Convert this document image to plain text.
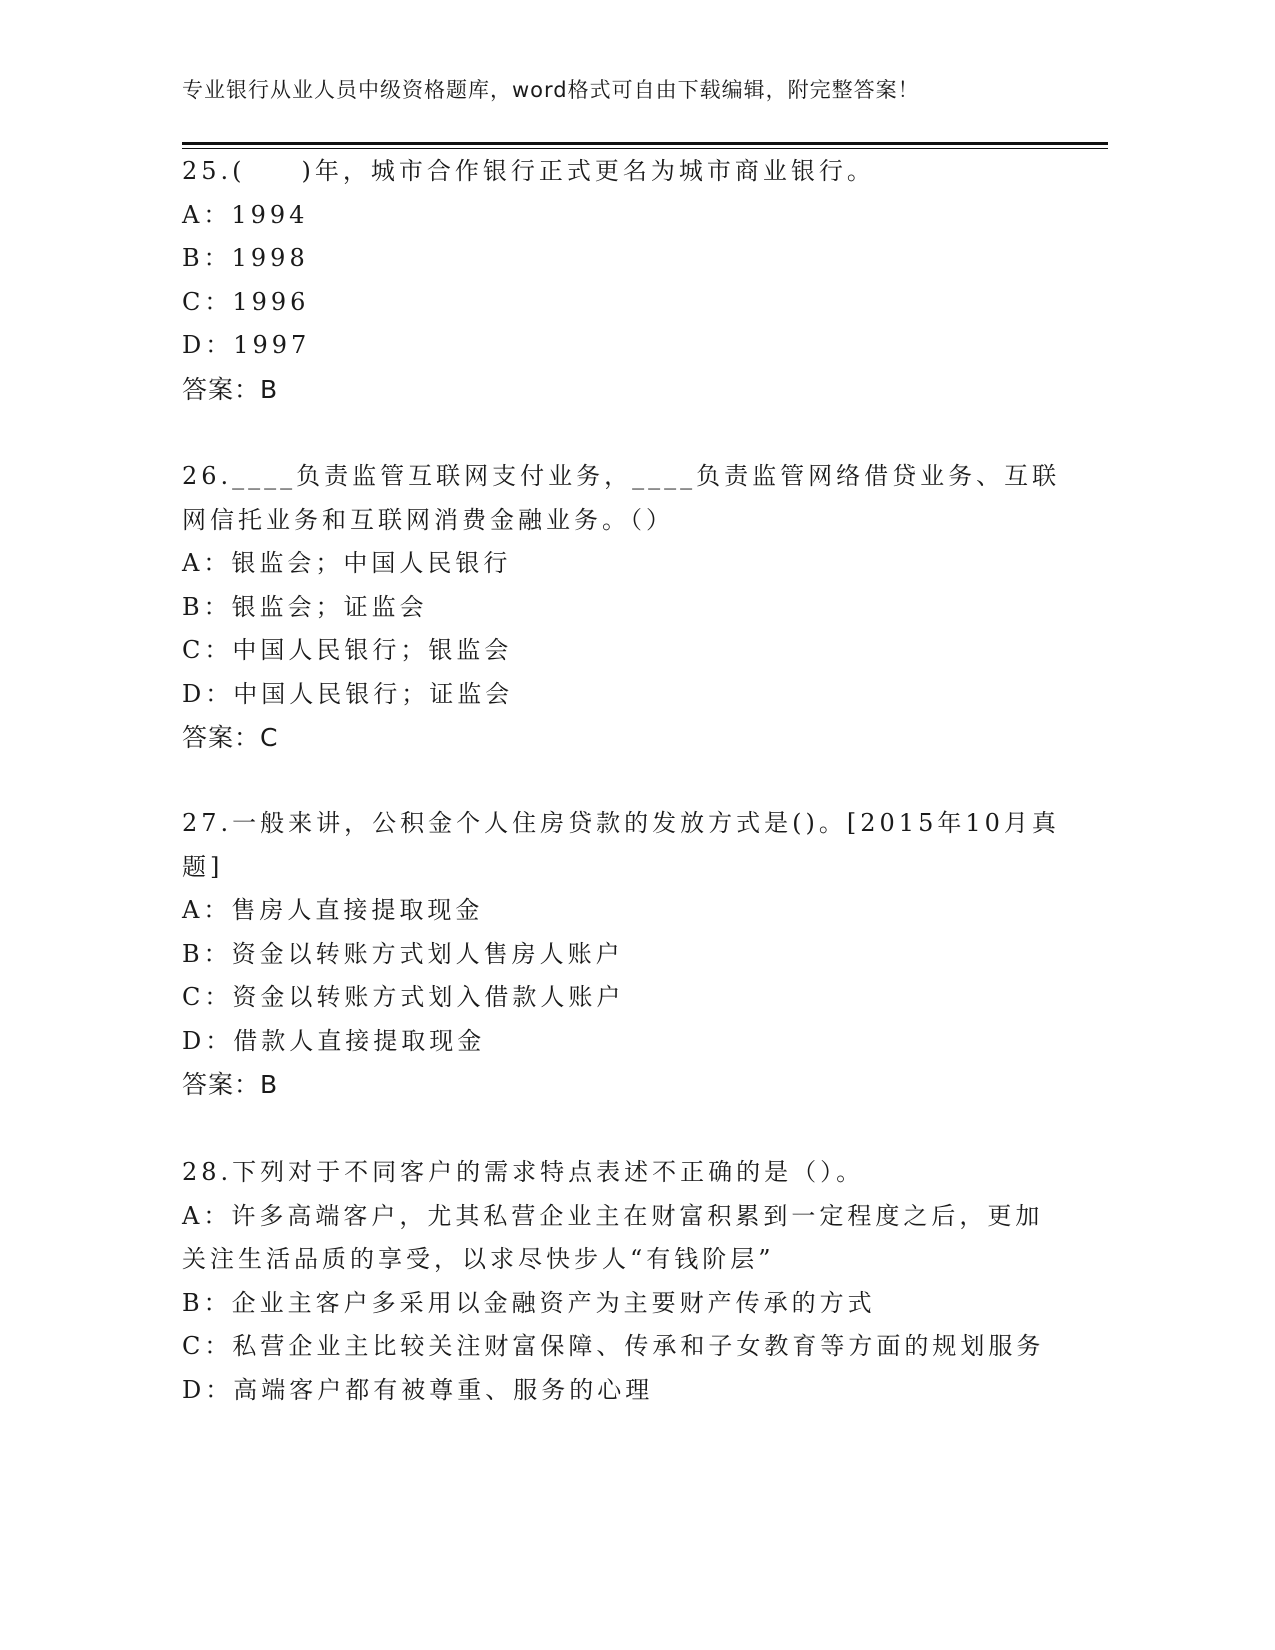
专业银行从业人员中级资格题库，word格式可自由下载编辑，附完整答案！
25.(　　)年，城市合作银行正式更名为城市商业银行。
A：1994
B：1998
C：1996
D：1997
答案：B
26.____负责监管互联网支付业务，____负责监管网络借贷业务、互联
网信托业务和互联网消费金融业务。（）
A：银监会；中国人民银行
B：银监会；证监会
C：中国人民银行；银监会
D：中国人民银行；证监会
答案：C
27.一般来讲，公积金个人住房贷款的发放方式是()。[2015年10月真
题]
A：售房人直接提取现金
B：资金以转账方式划人售房人账户
C：资金以转账方式划入借款人账户
D：借款人直接提取现金
答案：B
28.下列对于不同客户的需求特点表述不正确的是（）。
A：许多高端客户，尤其私营企业主在财富积累到一定程度之后，更加
关注生活品质的享受，以求尽快步人“有钱阶层”
B：企业主客户多采用以金融资产为主要财产传承的方式
C：私营企业主比较关注财富保障、传承和子女教育等方面的规划服务
D：高端客户都有被尊重、服务的心理
